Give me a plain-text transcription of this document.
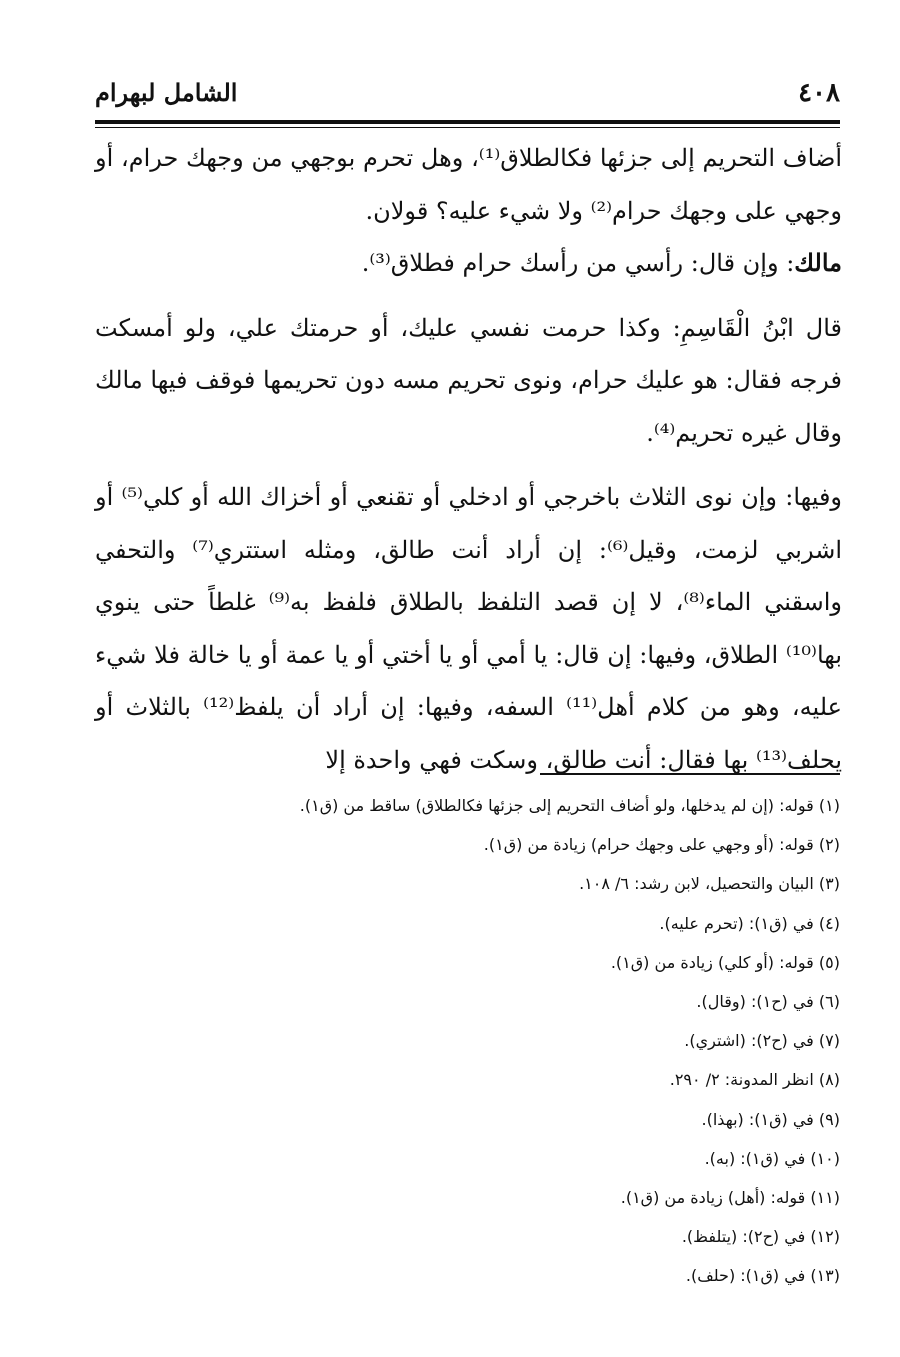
٤٠٨
الشامل لبهرام

أضاف التحريم إلى جزئها فكالطلاق⁽¹⁾، وهل تحرم بوجهي من وجهك حرام، أو وجهي على وجهك حرام⁽²⁾ ولا شيء عليه؟ قولان.

مالك: وإن قال: رأسي من رأسك حرام فطلاق⁽³⁾.

قال ابْنُ الْقَاسِمِ: وكذا حرمت نفسي عليك، أو حرمتك علي، ولو أمسكت فرجه فقال: هو عليك حرام، ونوى تحريم مسه دون تحريمها فوقف فيها مالك وقال غيره تحريم⁽⁴⁾.

وفيها: وإن نوى الثلاث باخرجي أو ادخلي أو تقنعي أو أخزاك الله أو كلي⁽⁵⁾ أو اشربي لزمت، وقيل⁽⁶⁾: إن أراد أنت طالق، ومثله استتري⁽⁷⁾ والتحفي واسقني الماء⁽⁸⁾، لا إن قصد التلفظ بالطلاق فلفظ به⁽⁹⁾ غلطاً حتى ينوي بها⁽¹⁰⁾ الطلاق، وفيها: إن قال: يا أمي أو يا أختي أو يا عمة أو يا خالة فلا شيء عليه، وهو من كلام أهل⁽¹¹⁾ السفه، وفيها: إن أراد أن يلفظ⁽¹²⁾ بالثلاث أو يحلف⁽¹³⁾ بها فقال: أنت طالق، وسكت فهي واحدة إلا

(١) قوله: (إن لم يدخلها، ولو أضاف التحريم إلى جزئها فكالطلاق) ساقط من (ق١).

(٢) قوله: (أو وجهي على وجهك حرام) زيادة من (ق١).

(٣) البيان والتحصيل، لابن رشد: ٦/ ١٠٨.

(٤) في (ق١): (تحرم عليه).

(٥) قوله: (أو كلي) زيادة من (ق١).

(٦) في (ح١): (وقال).

(٧) في (ح٢): (اشتري).

(٨) انظر المدونة: ٢/ ٢٩٠.

(٩) في (ق١): (بهذا).

(١٠) في (ق١): (به).

(١١) قوله: (أهل) زيادة من (ق١).

(١٢) في (ح٢): (يتلفظ).

(١٣) في (ق١): (حلف).
